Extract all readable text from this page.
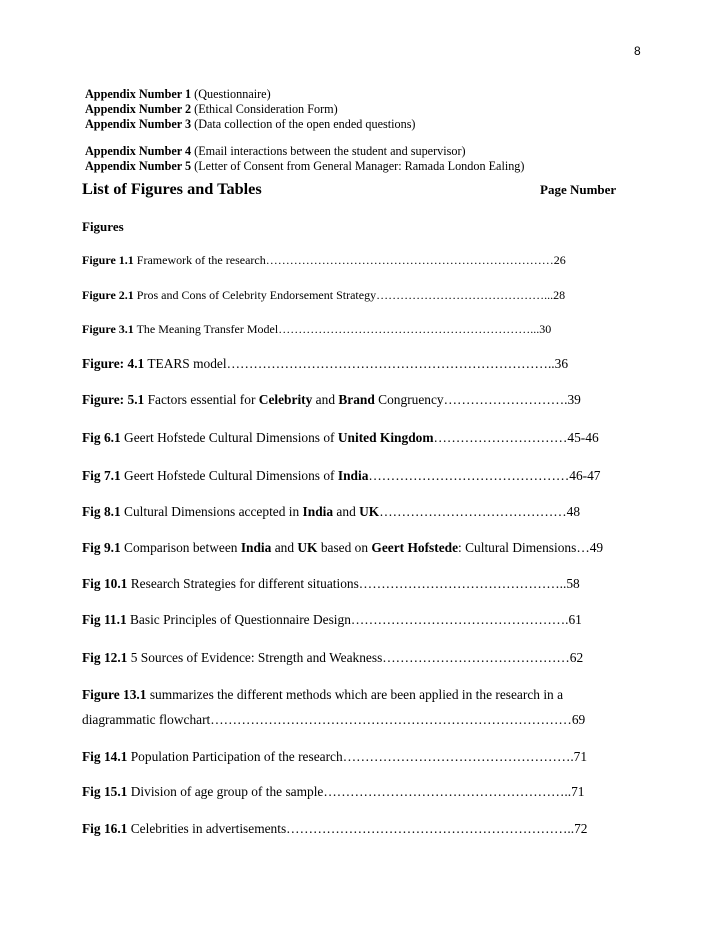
8
Appendix Number 1 (Questionnaire)
Appendix Number 2 (Ethical Consideration Form)
Appendix Number 3 (Data collection of the open ended questions)
Appendix Number 4 (Email interactions between the student and supervisor)
Appendix Number 5 (Letter of Consent from General Manager: Ramada London Ealing)
List of Figures and Tables	Page Number
Figures
Figure 1.1 Framework of the research………………………………………………………………26
Figure 2.1 Pros and Cons of Celebrity Endorsement Strategy……………………………………...28
Figure 3.1 The Meaning Transfer Model………………………………………………………...30
Figure: 4.1 TEARS model………………………………………………………………..36
Figure: 5.1 Factors essential for Celebrity and Brand Congruency……………………….39
Fig 6.1 Geert Hofstede Cultural Dimensions of United Kingdom…………………………45-46
Fig 7.1 Geert Hofstede Cultural Dimensions of India………………………………………46-47
Fig 8.1 Cultural Dimensions accepted in India and UK……………………………………48
Fig 9.1 Comparison between India and UK based on Geert Hofstede: Cultural Dimensions…49
Fig 10.1 Research Strategies for different situations………………………………………..58
Fig 11.1 Basic Principles of Questionnaire Design………………………………………….61
Fig 12.1 5 Sources of Evidence: Strength and Weakness……………………………………62
Figure 13.1 summarizes the different methods which are been applied in the research in a
diagrammatic flowchart………………………………………………………………………69
Fig 14.1 Population Participation of the research…………………………………………….71
Fig 15.1 Division of age group of the sample………………………………………………..71
Fig 16.1 Celebrities in advertisements………………………………………………………..72
